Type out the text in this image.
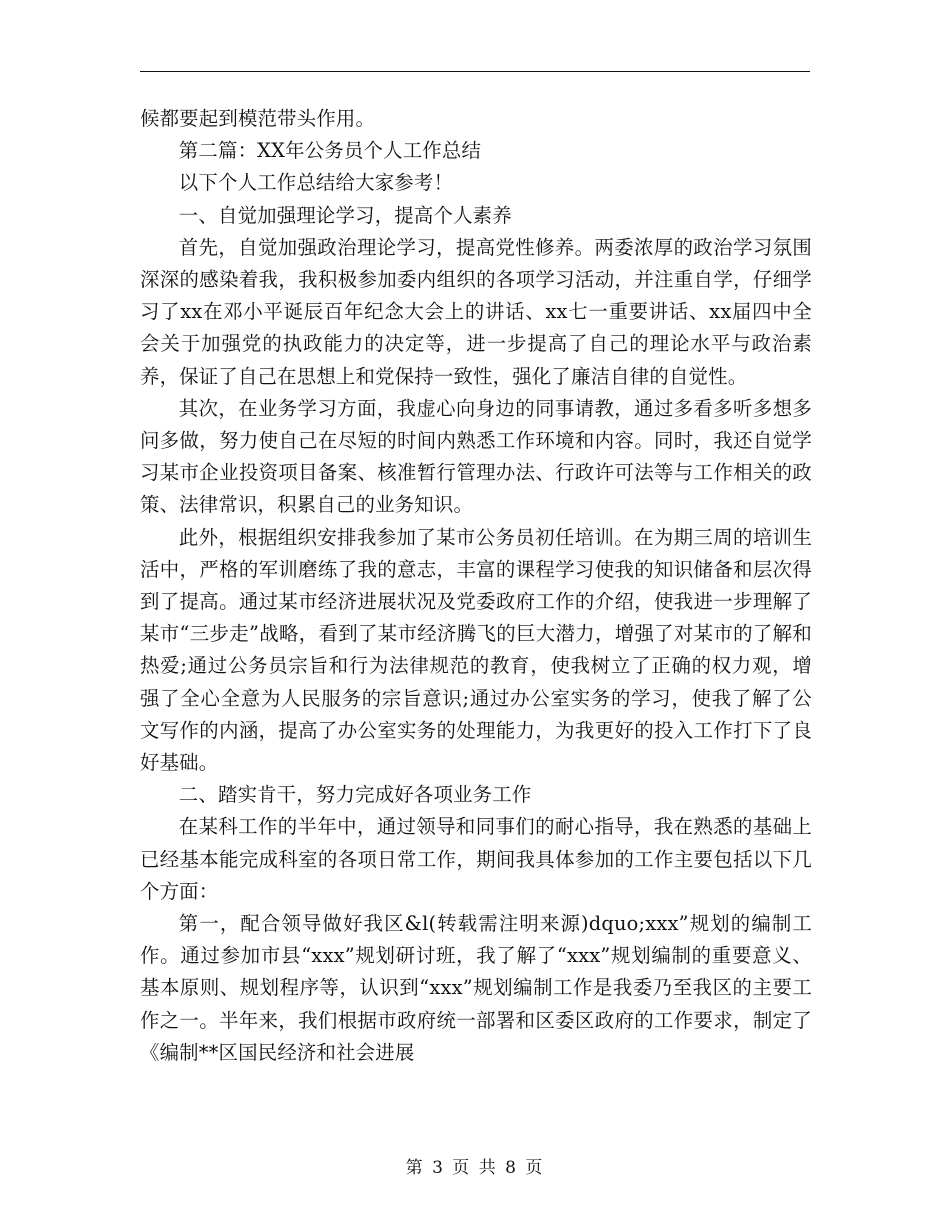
候都要起到模范带头作用。

第二篇：XX年公务员个人工作总结

以下个人工作总结给大家参考！

一、自觉加强理论学习，提高个人素养

首先，自觉加强政治理论学习，提高党性修养。两委浓厚的政治学习氛围深深的感染着我，我积极参加委内组织的各项学习活动，并注重自学，仔细学习了xx在邓小平诞辰百年纪念大会上的讲话、xx七一重要讲话、xx届四中全会关于加强党的执政能力的决定等，进一步提高了自己的理论水平与政治素养，保证了自己在思想上和党保持一致性，强化了廉洁自律的自觉性。

其次，在业务学习方面，我虚心向身边的同事请教，通过多看多听多想多问多做，努力使自己在尽短的时间内熟悉工作环境和内容。同时，我还自觉学习某市企业投资项目备案、核准暂行管理办法、行政许可法等与工作相关的政策、法律常识，积累自己的业务知识。

此外，根据组织安排我参加了某市公务员初任培训。在为期三周的培训生活中，严格的军训磨练了我的意志，丰富的课程学习使我的知识储备和层次得到了提高。通过某市经济进展状况及党委政府工作的介绍，使我进一步理解了某市“三步走”战略，看到了某市经济腾飞的巨大潜力，增强了对某市的了解和热爱;通过公务员宗旨和行为法律规范的教育，使我树立了正确的权力观，增强了全心全意为人民服务的宗旨意识;通过办公室实务的学习，使我了解了公文写作的内涵，提高了办公室实务的处理能力，为我更好的投入工作打下了良好基础。

二、踏实肯干，努力完成好各项业务工作

在某科工作的半年中，通过领导和同事们的耐心指导，我在熟悉的基础上已经基本能完成科室的各项日常工作，期间我具体参加的工作主要包括以下几个方面：

第一，配合领导做好我区&l(转载需注明来源)dquo;xxx”规划的编制工作。通过参加市县“xxx”规划研讨班，我了解了“xxx”规划编制的重要意义、基本原则、规划程序等，认识到“xxx”规划编制工作是我委乃至我区的主要工作之一。半年来，我们根据市政府统一部署和区委区政府的工作要求，制定了《编制**区国民经济和社会进展

第 3 页 共 8 页
